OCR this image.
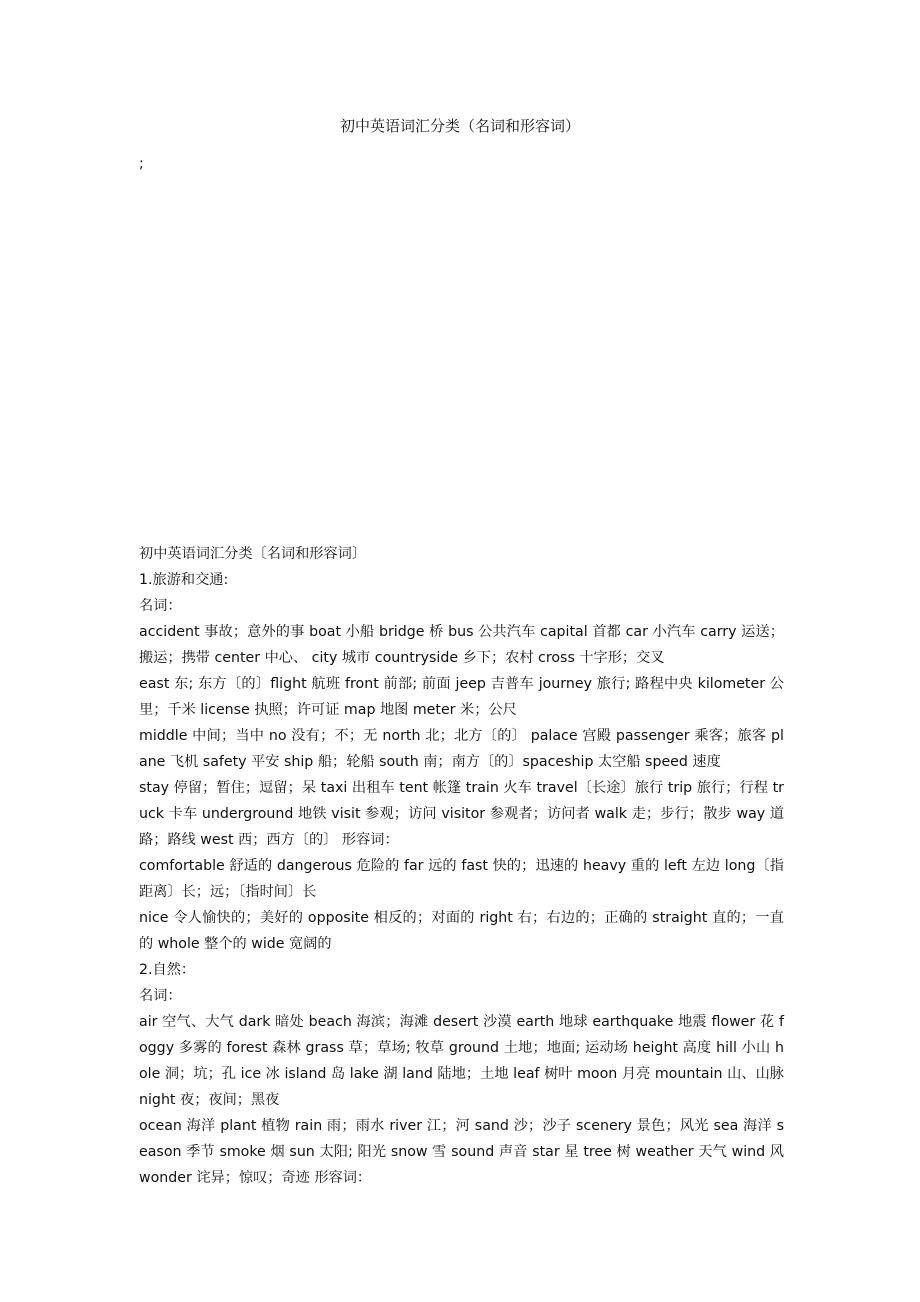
初中英语词汇分类（名词和形容词）
;

初中英语词汇分类〔名词和形容词〕

1.旅游和交通:

名词：

accident 事故；意外的事 boat 小船 bridge 桥 bus 公共汽车 capital 首都 car 小汽车 carry 运送；搬运；携带 center 中心、 city 城市 countryside 乡下；农村 cross 十字形；交叉

east 东; 东方〔的〕flight 航班 front 前部; 前面 jeep 吉普车 journey 旅行; 路程中央 kilometer 公里；千米 license 执照；许可证 map 地图 meter 米；公尺

middle 中间；当中 no 没有；不；无 north 北；北方〔的〕 palace 宫殿 passenger 乘客；旅客 plane 飞机 safety 平安 ship 船；轮船 south 南；南方〔的〕spaceship 太空船 speed 速度

stay 停留；暂住；逗留；呆 taxi 出租车 tent 帐篷 train 火车 travel〔长途〕旅行 trip 旅行；行程 truck 卡车 underground 地铁 visit 参观；访问 visitor 参观者；访问者 walk 走；步行；散步 way 道路；路线 west 西；西方〔的〕 形容词：

comfortable 舒适的 dangerous 危险的 far 远的 fast 快的；迅速的 heavy 重的 left 左边 long〔指距离〕长；远；〔指时间〕长

nice 令人愉快的；美好的 opposite 相反的；对面的 right 右；右边的；正确的 straight 直的；一直的 whole 整个的 wide 宽阔的

2.自然：

名词：

air 空气、大气 dark 暗处 beach 海滨；海滩 desert 沙漠 earth 地球 earthquake 地震 flower 花 foggy 多雾的 forest 森林 grass 草；草场; 牧草 ground 土地；地面; 运动场 height 高度 hill 小山 hole 洞；坑；孔 ice 冰 island 岛 lake 湖 land 陆地；土地 leaf 树叶 moon 月亮 mountain 山、山脉 night 夜；夜间；黑夜

ocean 海洋 plant 植物 rain 雨；雨水 river 江；河 sand 沙；沙子 scenery 景色；风光 sea 海洋 season 季节 smoke 烟 sun 太阳; 阳光 snow 雪 sound 声音 star 星 tree 树 weather 天气 wind 风 wonder 诧异；惊叹；奇迹 形容词：
